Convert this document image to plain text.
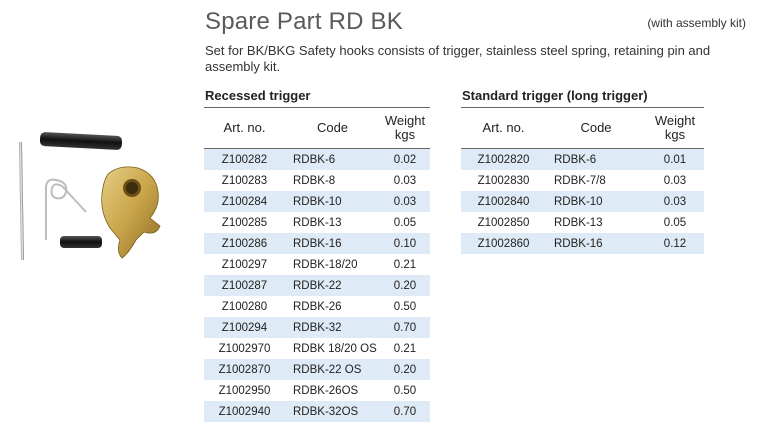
Spare Part RD BK	(with assembly kit)
Set for BK/BKG Safety hooks consists of trigger, stainless steel spring, retaining pin and assembly kit.
Recessed trigger
Art. no.	Code	Weight
kgs
Z100282	RDBK-6	0.02
Z100283	RDBK-8	0.03
Z100284	RDBK-10	0.03
Z100285	RDBK-13	0.05
Z100286	RDBK-16	0.10
Z100297	RDBK-18/20	0.21
Z100287	RDBK-22	0.20
Z100280	RDBK-26	0.50
Z100294	RDBK-32	0.70
Z1002970	RDBK 18/20 OS	0.21
Z1002870	RDBK-22 OS	0.20
Z1002950	RDBK-26OS	0.50
Z1002940	RDBK-32OS	0.70
Standard trigger (long trigger)
Art. no.	Code	Weight
kgs
Z1002820	RDBK-6	0.01
Z1002830	RDBK-7/8	0.03
Z1002840	RDBK-10	0.03
Z1002850	RDBK-13	0.05
Z1002860	RDBK-16	0.12
